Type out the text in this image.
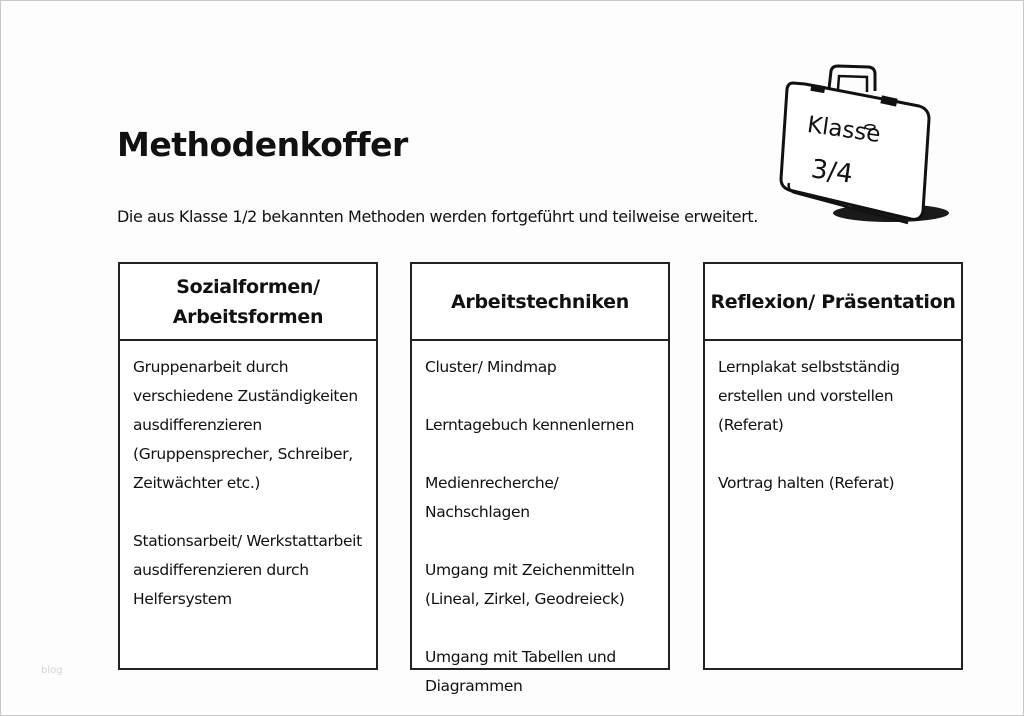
Methodenkoffer
Die aus Klasse 1/2 bekannten Methoden werden fortgeführt und teilweise erweitert.
Klasse
3/4
Sozialformen/
Arbeitsformen
Gruppenarbeit durch verschiedene Zuständigkeiten ausdifferenzieren (Gruppensprecher, Schreiber, Zeitwächter etc.)
Stationsarbeit/ Werkstattarbeit ausdifferenzieren durch Helfersystem
Arbeitstechniken
Cluster/ Mindmap
Lerntagebuch kennenlernen
Medienrecherche/ Nachschlagen
Umgang mit Zeichenmitteln (Lineal, Zirkel, Geodreieck)
Umgang mit Tabellen und Diagrammen
Reflexion/ Präsentation
Lernplakat selbstständig erstellen und vorstellen (Referat)
Vortrag halten (Referat)
blog
